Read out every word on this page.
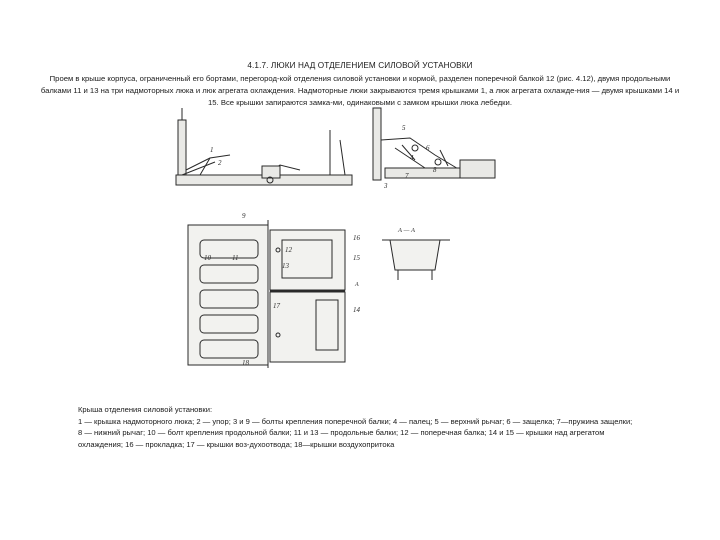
4.1.7. ЛЮКИ НАД ОТДЕЛЕНИЕМ СИЛОВОЙ УСТАНОВКИ
Проем в крыше корпуса, ограниченный его бортами, перегород-кой отделения силовой установки и кормой, разделен поперечной балкой 12 (рис. 4.12), двумя продольными балками 11 и 13 на три надмоторных люка и люк агрегата охлаждения. Надмоторные люки закрываются тремя крышками 1, а люк агрегата охлажде-ния — двумя крышками 14 и 15. Все крышки запираются замка-ми, одинаковыми с замком крышки люка лебедки.
1
2
5
6
4
8
7
3
9
10	11
12
13
16
15
14
17
18
А — А
А
Крыша отделения силовой установки:
1 — крышка надмоторного люка; 2 — упор; 3 и 9 — болты крепления поперечной балки; 4 — палец; 5 — верхний рычаг; 6 — защелка; 7—пружина защелки; 8 — нижний рычаг; 10 — болт крепления продольной балки; 11 и 13 — продольные балки; 12 — поперечная балка; 14 и 15 — крышки над агрегатом охлаждения; 16 — прокладка; 17 — крышки воз-духоотвода; 18—крышки воздухопритока
